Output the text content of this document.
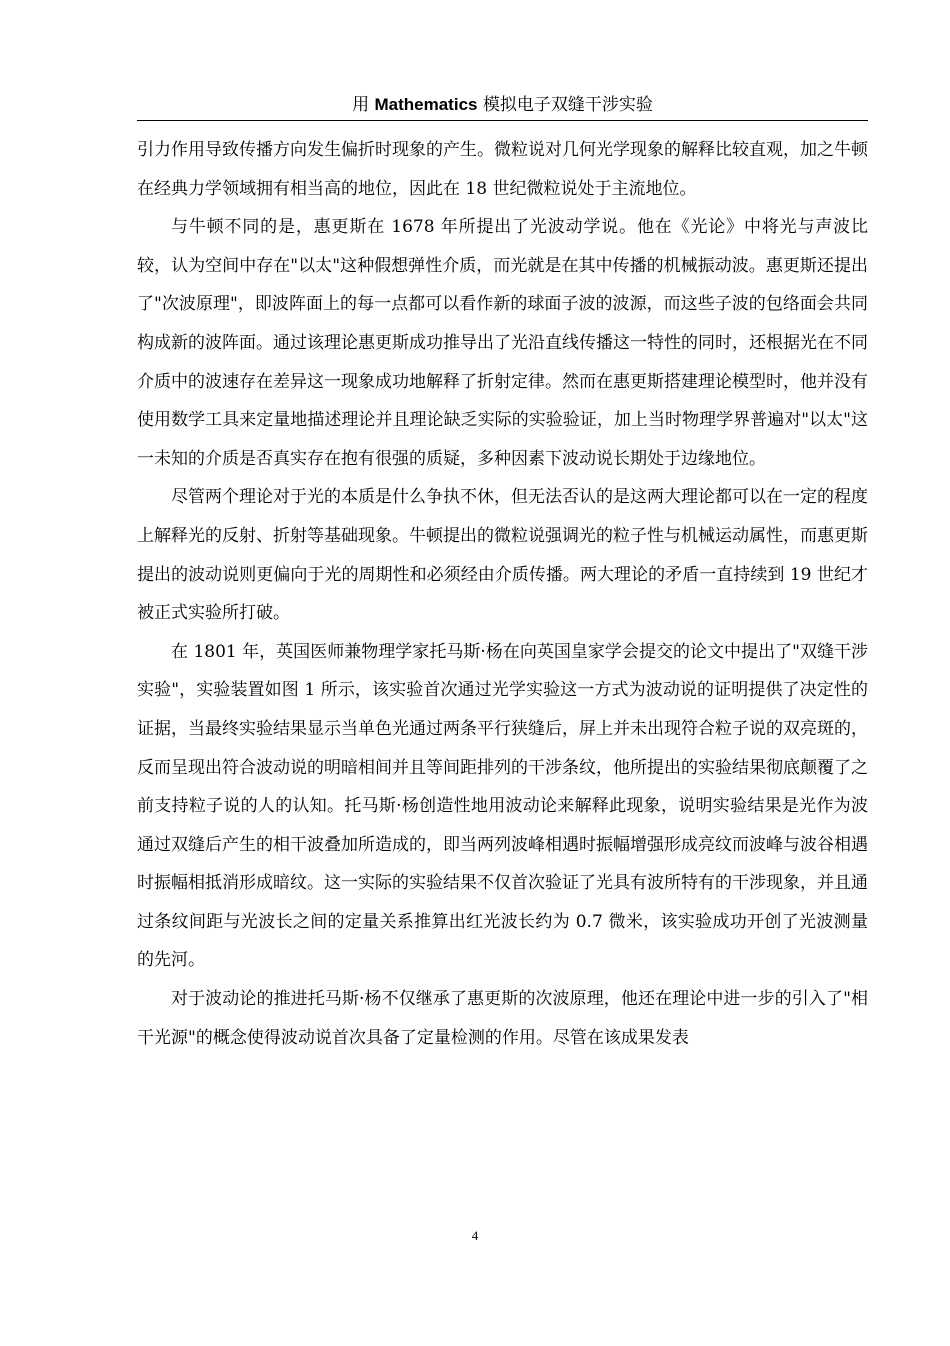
用 Mathematics 模拟电子双缝干涉实验

引力作用导致传播方向发生偏折时现象的产生。微粒说对几何光学现象的解释比较直观，加之牛顿在经典力学领域拥有相当高的地位，因此在 18 世纪微粒说处于主流地位。

与牛顿不同的是，惠更斯在 1678 年所提出了光波动学说。他在《光论》中将光与声波比较，认为空间中存在"以太"这种假想弹性介质，而光就是在其中传播的机械振动波。惠更斯还提出了"次波原理"，即波阵面上的每一点都可以看作新的球面子波的波源，而这些子波的包络面会共同构成新的波阵面。通过该理论惠更斯成功推导出了光沿直线传播这一特性的同时，还根据光在不同介质中的波速存在差异这一现象成功地解释了折射定律。然而在惠更斯搭建理论模型时，他并没有使用数学工具来定量地描述理论并且理论缺乏实际的实验验证，加上当时物理学界普遍对"以太"这一未知的介质是否真实存在抱有很强的质疑，多种因素下波动说长期处于边缘地位。

尽管两个理论对于光的本质是什么争执不休，但无法否认的是这两大理论都可以在一定的程度上解释光的反射、折射等基础现象。牛顿提出的微粒说强调光的粒子性与机械运动属性，而惠更斯提出的波动说则更偏向于光的周期性和必须经由介质传播。两大理论的矛盾一直持续到 19 世纪才被正式实验所打破。

在 1801 年，英国医师兼物理学家托马斯·杨在向英国皇家学会提交的论文中提出了"双缝干涉实验"，实验装置如图 1 所示，该实验首次通过光学实验这一方式为波动说的证明提供了决定性的证据，当最终实验结果显示当单色光通过两条平行狭缝后，屏上并未出现符合粒子说的双亮斑的，反而呈现出符合波动说的明暗相间并且等间距排列的干涉条纹，他所提出的实验结果彻底颠覆了之前支持粒子说的人的认知。托马斯·杨创造性地用波动论来解释此现象，说明实验结果是光作为波通过双缝后产生的相干波叠加所造成的，即当两列波峰相遇时振幅增强形成亮纹而波峰与波谷相遇时振幅相抵消形成暗纹。这一实际的实验结果不仅首次验证了光具有波所特有的干涉现象，并且通过条纹间距与光波长之间的定量关系推算出红光波长约为 0.7 微米，该实验成功开创了光波测量的先河。

对于波动论的推进托马斯·杨不仅继承了惠更斯的次波原理，他还在理论中进一步的引入了"相干光源"的概念使得波动说首次具备了定量检测的作用。尽管在该成果发表

4
